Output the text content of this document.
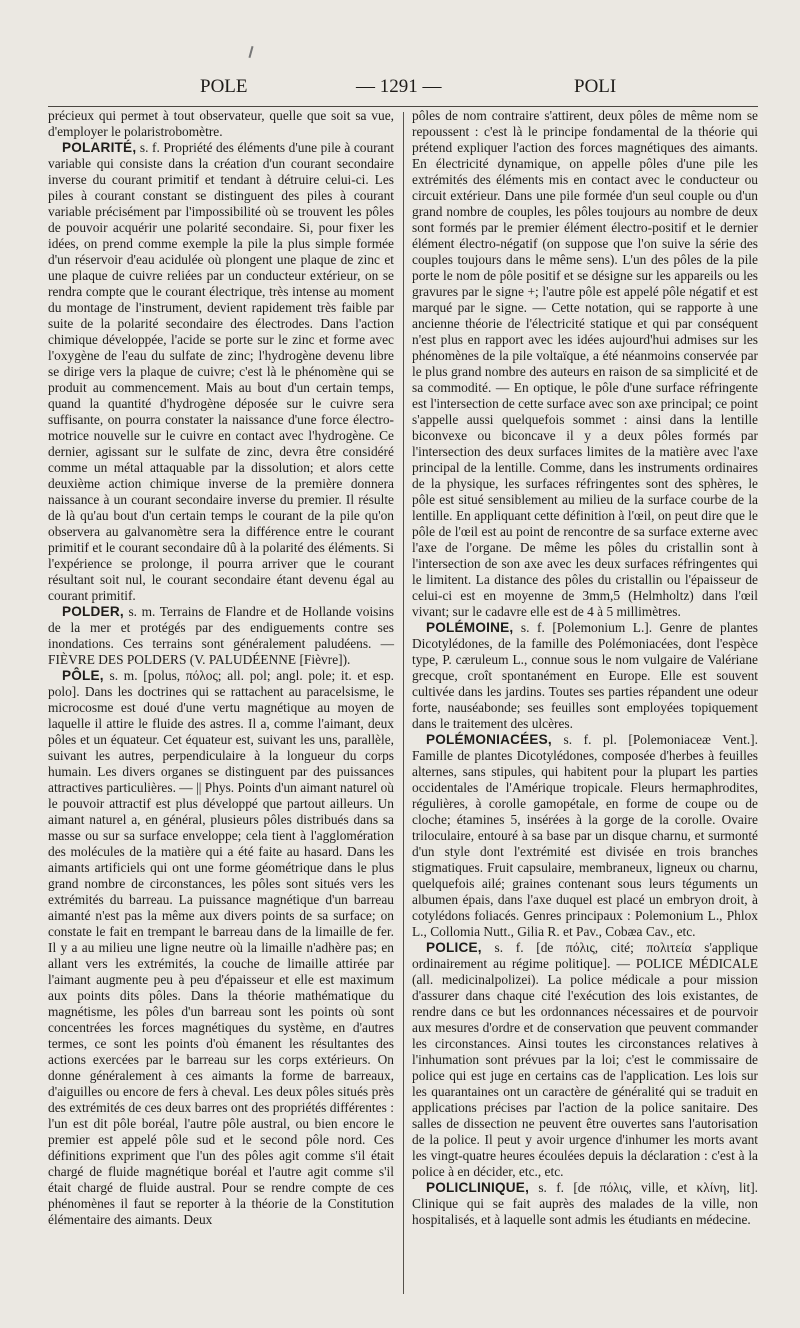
POLE	— 1291 —	POLI

précieux qui permet à tout observateur, quelle que soit sa vue, d'employer le polaristrobomètre.

POLARITÉ, s. f. Propriété des éléments d'une pile à courant variable qui consiste dans la création d'un courant secondaire inverse du courant primitif et tendant à détruire celui-ci. Les piles à courant constant se distinguent des piles à courant variable précisément par l'impossibilité où se trouvent les pôles de pouvoir acquérir une polarité secondaire. Si, pour fixer les idées, on prend comme exemple la pile la plus simple formée d'un réservoir d'eau acidulée où plongent une plaque de zinc et une plaque de cuivre reliées par un conducteur extérieur, on se rendra compte que le courant électrique, très intense au moment du montage de l'instrument, devient rapidement très faible par suite de la polarité secondaire des électrodes. Dans l'action chimique développée, l'acide se porte sur le zinc et forme avec l'oxygène de l'eau du sulfate de zinc; l'hydrogène devenu libre se dirige vers la plaque de cuivre; c'est là le phénomène qui se produit au commencement. Mais au bout d'un certain temps, quand la quantité d'hydrogène déposée sur le cuivre sera suffisante, on pourra constater la naissance d'une force électro-motrice nouvelle sur le cuivre en contact avec l'hydrogène. Ce dernier, agissant sur le sulfate de zinc, devra être considéré comme un métal attaquable par la dissolution; et alors cette deuxième action chimique inverse de la première donnera naissance à un courant secondaire inverse du premier. Il résulte de là qu'au bout d'un certain temps le courant de la pile qu'on observera au galvanomètre sera la différence entre le courant primitif et le courant secondaire dû à la polarité des éléments. Si l'expérience se prolonge, il pourra arriver que le courant résultant soit nul, le courant secondaire étant devenu égal au courant primitif.

POLDER, s. m. Terrains de Flandre et de Hollande voisins de la mer et protégés par des endiguements contre ses inondations. Ces terrains sont généralement paludéens. — FIÈVRE DES POLDERS (V. PALUDÉENNE [Fièvre]).

PÔLE, s. m. [polus, πόλος; all. pol; angl. pole; it. et esp. polo]. Dans les doctrines qui se rattachent au paracelsisme, le microcosme est doué d'une vertu magnétique au moyen de laquelle il attire le fluide des astres. Il a, comme l'aimant, deux pôles et un équateur. Cet équateur est, suivant les uns, parallèle, suivant les autres, perpendiculaire à la longueur du corps humain. Les divers organes se distinguent par des puissances attractives particulières. — || Phys. Points d'un aimant naturel où le pouvoir attractif est plus développé que partout ailleurs. Un aimant naturel a, en général, plusieurs pôles distribués dans sa masse ou sur sa surface enveloppe; cela tient à l'agglomération des molécules de la matière qui a été faite au hasard. Dans les aimants artificiels qui ont une forme géométrique dans le plus grand nombre de circonstances, les pôles sont situés vers les extrémités du barreau. La puissance magnétique d'un barreau aimanté n'est pas la même aux divers points de sa surface; on constate le fait en trempant le barreau dans de la limaille de fer. Il y a au milieu une ligne neutre où la limaille n'adhère pas; en allant vers les extrémités, la couche de limaille attirée par l'aimant augmente peu à peu d'épaisseur et elle est maximum aux points dits pôles. Dans la théorie mathématique du magnétisme, les pôles d'un barreau sont les points où sont concentrées les forces magnétiques du système, en d'autres termes, ce sont les points d'où émanent les résultantes des actions exercées par le barreau sur les corps extérieurs. On donne généralement à ces aimants la forme de barreaux, d'aiguilles ou encore de fers à cheval. Les deux pôles situés près des extrémités de ces deux barres ont des propriétés différentes : l'un est dit pôle boréal, l'autre pôle austral, ou bien encore le premier est appelé pôle sud et le second pôle nord. Ces définitions expriment que l'un des pôles agit comme s'il était chargé de fluide magnétique boréal et l'autre agit comme s'il était chargé de fluide austral. Pour se rendre compte de ces phénomènes il faut se reporter à la théorie de la Constitution élémentaire des aimants. Deux

pôles de nom contraire s'attirent, deux pôles de même nom se repoussent : c'est là le principe fondamental de la théorie qui prétend expliquer l'action des forces magnétiques des aimants. En électricité dynamique, on appelle pôles d'une pile les extrémités des éléments mis en contact avec le conducteur ou circuit extérieur. Dans une pile formée d'un seul couple ou d'un grand nombre de couples, les pôles toujours au nombre de deux sont formés par le premier élément électro-positif et le dernier élément électro-négatif (on suppose que l'on suive la série des couples toujours dans le même sens). L'un des pôles de la pile porte le nom de pôle positif et se désigne sur les appareils ou les gravures par le signe +; l'autre pôle est appelé pôle négatif et est marqué par le signe. — Cette notation, qui se rapporte à une ancienne théorie de l'électricité statique et qui par conséquent n'est plus en rapport avec les idées aujourd'hui admises sur les phénomènes de la pile voltaïque, a été néanmoins conservée par le plus grand nombre des auteurs en raison de sa simplicité et de sa commodité. — En optique, le pôle d'une surface réfringente est l'intersection de cette surface avec son axe principal; ce point s'appelle aussi quelquefois sommet : ainsi dans la lentille biconvexe ou biconcave il y a deux pôles formés par l'intersection des deux surfaces limites de la matière avec l'axe principal de la lentille. Comme, dans les instruments ordinaires de la physique, les surfaces réfringentes sont des sphères, le pôle est situé sensiblement au milieu de la surface courbe de la lentille. En appliquant cette définition à l'œil, on peut dire que le pôle de l'œil est au point de rencontre de sa surface externe avec l'axe de l'organe. De même les pôles du cristallin sont à l'intersection de son axe avec les deux surfaces réfringentes qui le limitent. La distance des pôles du cristallin ou l'épaisseur de celui-ci est en moyenne de 3mm,5 (Helmholtz) dans l'œil vivant; sur le cadavre elle est de 4 à 5 millimètres.

POLÉMOINE, s. f. [Polemonium L.]. Genre de plantes Dicotylédones, de la famille des Polémoniacées, dont l'espèce type, P. cæruleum L., connue sous le nom vulgaire de Valériane grecque, croît spontanément en Europe. Elle est souvent cultivée dans les jardins. Toutes ses parties répandent une odeur forte, nauséabonde; ses feuilles sont employées topiquement dans le traitement des ulcères.

POLÉMONIACÉES, s. f. pl. [Polemoniaceæ Vent.]. Famille de plantes Dicotylédones, composée d'herbes à feuilles alternes, sans stipules, qui habitent pour la plupart les parties occidentales de l'Amérique tropicale. Fleurs hermaphrodites, régulières, à corolle gamopétale, en forme de coupe ou de cloche; étamines 5, insérées à la gorge de la corolle. Ovaire triloculaire, entouré à sa base par un disque charnu, et surmonté d'un style dont l'extrémité est divisée en trois branches stigmatiques. Fruit capsulaire, membraneux, ligneux ou charnu, quelquefois ailé; graines contenant sous leurs téguments un albumen épais, dans l'axe duquel est placé un embryon droit, à cotylédons foliacés. Genres principaux : Polemonium L., Phlox L., Collomia Nutt., Gilia R. et Pav., Cobæa Cav., etc.

POLICE, s. f. [de πόλις, cité; πολιτεία s'applique ordinairement au régime politique]. — POLICE MÉDICALE (all. medicinalpolizei). La police médicale a pour mission d'assurer dans chaque cité l'exécution des lois existantes, de rendre dans ce but les ordonnances nécessaires et de pourvoir aux mesures d'ordre et de conservation que peuvent commander les circonstances. Ainsi toutes les circonstances relatives à l'inhumation sont prévues par la loi; c'est le commissaire de police qui est juge en certains cas de l'application. Les lois sur les quarantaines ont un caractère de généralité qui se traduit en applications précises par l'action de la police sanitaire. Des salles de dissection ne peuvent être ouvertes sans l'autorisation de la police. Il peut y avoir urgence d'inhumer les morts avant les vingt-quatre heures écoulées depuis la déclaration : c'est à la police à en décider, etc., etc.

POLICLINIQUE, s. f. [de πόλις, ville, et κλίνη, lit]. Clinique qui se fait auprès des malades de la ville, non hospitalisés, et à laquelle sont admis les étudiants en médecine.
